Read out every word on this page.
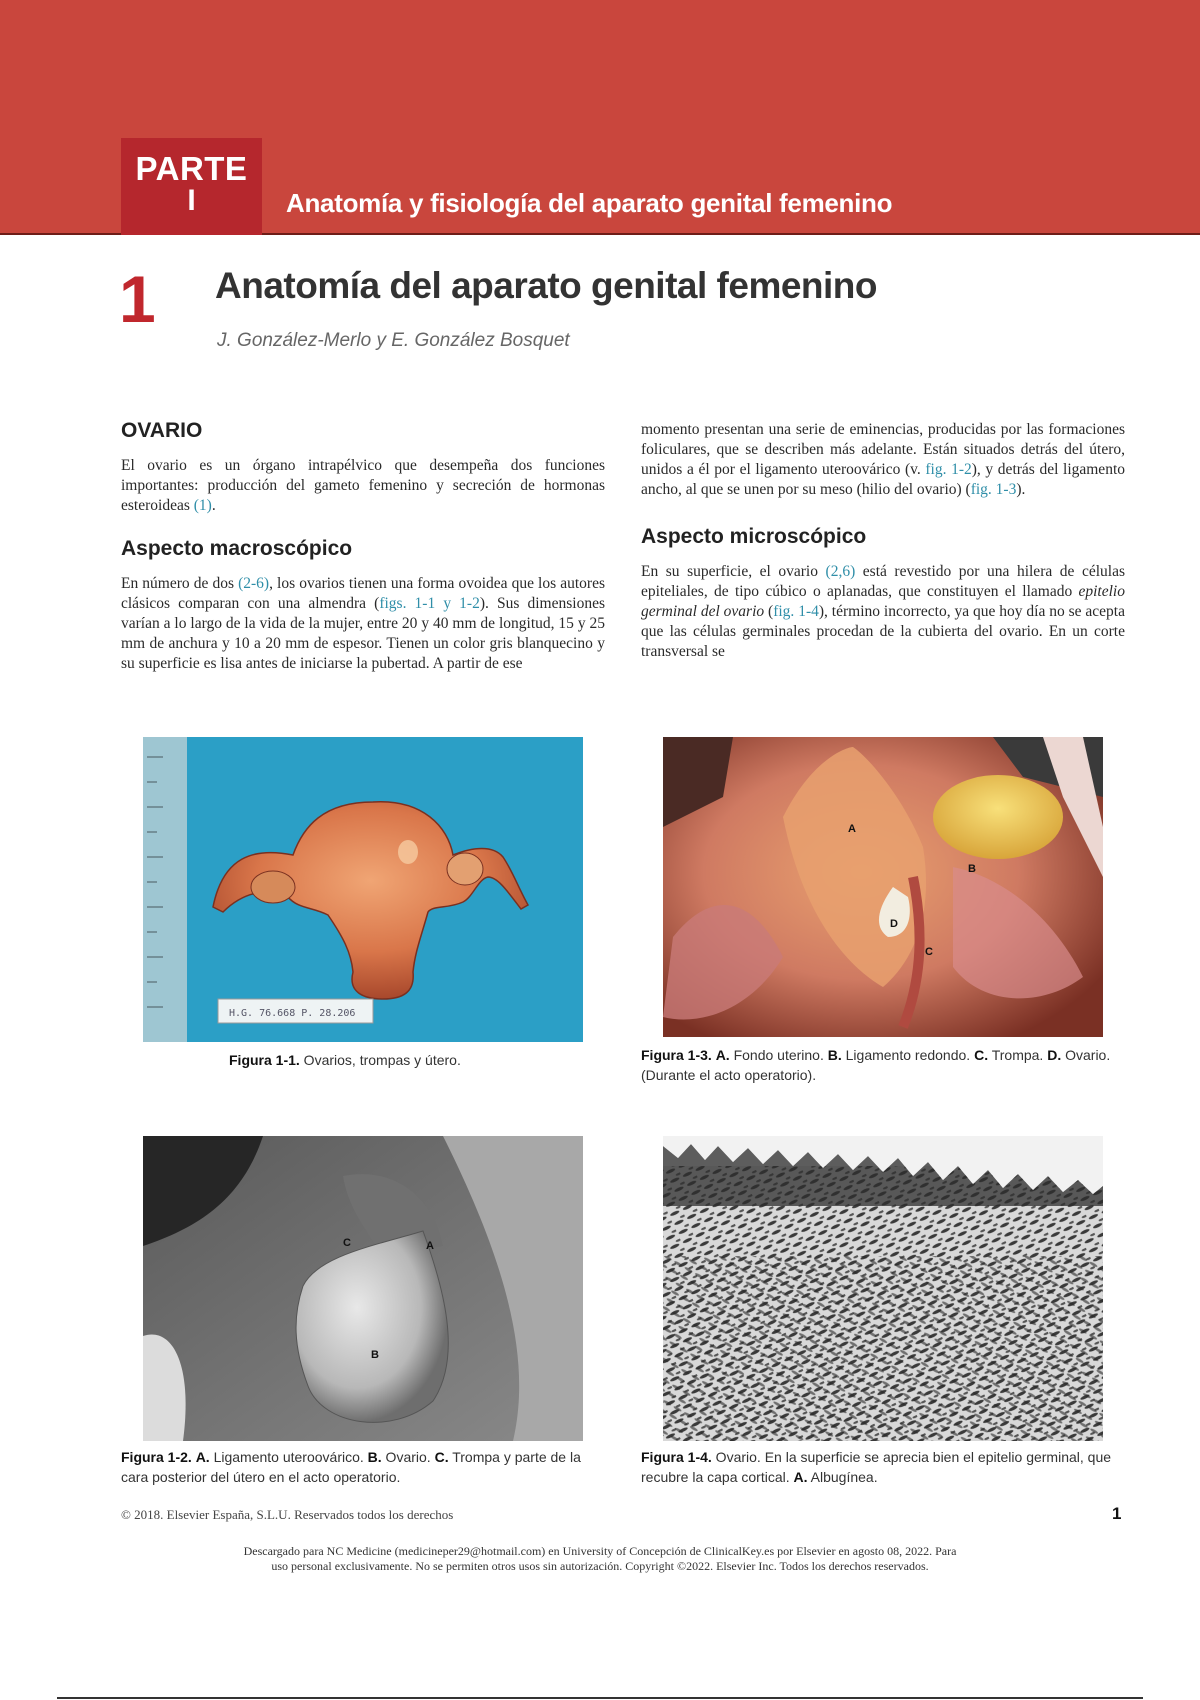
PARTE
I	Anatomía y fisiología del aparato genital femenino
1 Anatomía del aparato genital femenino
J. González-Merlo y E. González Bosquet
OVARIO

El ovario es un órgano intrapélvico que desempeña dos funciones importantes: producción del gameto femenino y secreción de hormonas esteroideas (1).

Aspecto macroscópico

En número de dos (2-6), los ovarios tienen una forma ovoidea que los autores clásicos comparan con una almendra (figs. 1-1 y 1-2). Sus dimensiones varían a lo largo de la vida de la mujer, entre 20 y 40 mm de longitud, 15 y 25 mm de anchura y 10 a 20 mm de espesor. Tienen un color gris blanquecino y su superficie es lisa antes de iniciarse la pubertad. A partir de ese

momento presentan una serie de eminencias, producidas por las formaciones foliculares, que se describen más adelante. Están situados detrás del útero, unidos a él por el ligamento uteroovárico (v. fig. 1-2), y detrás del ligamento ancho, al que se unen por su meso (hilio del ovario) (fig. 1-3).

Aspecto microscópico

En su superficie, el ovario (2,6) está revestido por una hilera de células epiteliales, de tipo cúbico o aplanadas, que constituyen el llamado epitelio germinal del ovario (fig. 1-4), término incorrecto, ya que hoy día no se acepta que las células germinales procedan de la cubierta del ovario. En un corte transversal se

H.G. 76.668 P. 28.206
Figura 1-1. Ovarios, trompas y útero.
A
B
C
D
Figura 1-3. A. Fondo uterino. B. Ligamento redondo. C. Trompa. D. Ovario. (Durante el acto operatorio).
B
A
C
Figura 1-2. A. Ligamento uteroovárico. B. Ovario. C. Trompa y parte de la cara posterior del útero en el acto operatorio.
Figura 1-4. Ovario. En la superficie se aprecia bien el epitelio germinal, que recubre la capa cortical. A. Albugínea.
© 2018. Elsevier España, S.L.U. Reservados todos los derechos	1
Descargado para NC Medicine (medicineper29@hotmail.com) en University of Concepción de ClinicalKey.es por Elsevier en agosto 08, 2022. Para
uso personal exclusivamente. No se permiten otros usos sin autorización. Copyright ©2022. Elsevier Inc. Todos los derechos reservados.
